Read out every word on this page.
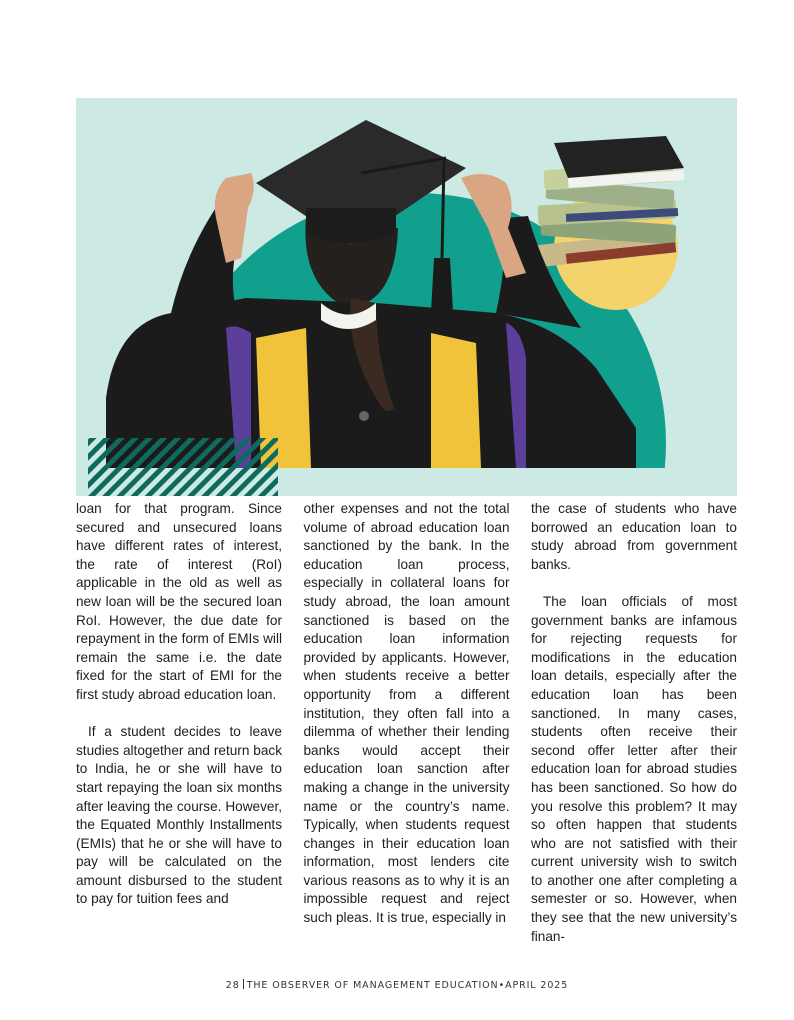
loan for that program. Since secured and unsecured loans have different rates of interest, the rate of interest (RoI) applicable in the old as well as new loan will be the secured loan RoI. However, the due date for repayment in the form of EMIs will remain the same i.e. the date fixed for the start of EMI for the first study abroad education loan.

If a student decides to leave studies altogether and return back to India, he or she will have to start repaying the loan six months after leaving the course. However, the Equated Monthly Installments (EMIs) that he or she will have to pay will be calculated on the amount disbursed to the student to pay for tuition fees and

other expenses and not the total volume of abroad education loan sanctioned by the bank. In the education loan process, especially in collateral loans for study abroad, the loan amount sanctioned is based on the education loan information provided by applicants. However, when students receive a better opportunity from a different institution, they often fall into a dilemma of whether their lending banks would accept their education loan sanction after making a change in the university name or the country’s name. Typically, when students request changes in their education loan information, most lenders cite various reasons as to why it is an impossible request and reject such pleas. It is true, especially in

the case of students who have borrowed an education loan to study abroad from government banks.

The loan officials of most government banks are infamous for rejecting requests for modifications in the education loan details, especially after the education loan has been sanctioned. In many cases, students often receive their second offer letter after their education loan for abroad studies has been sanctioned. So how do you resolve this problem? It may so often happen that students who are not satisfied with their current university wish to switch to another one after completing a semester or so. However, when they see that the new university’s finan-

28 THE OBSERVER OF MANAGEMENT EDUCATION•APRIL 2025
